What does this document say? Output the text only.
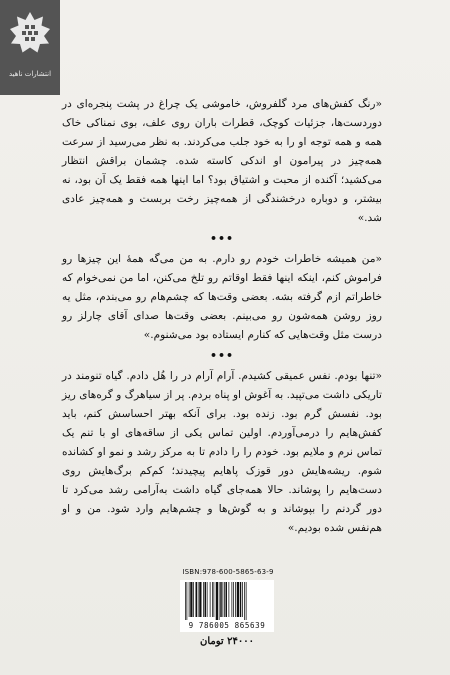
انتشارات ناهید

«رنگ کفش‌های مرد گلفروش، خاموشی یک چراغ در پشت پنجره‌ای در دوردست‌ها، جزئیات کوچک، قطرات باران روی علف، بوی نمناکی خاک همه و همه توجه او را به خود جلب می‌کردند. به نظر می‌رسید از سرعت همه‌چیز در پیرامون او اندکی کاسته شده. چشمان براقش انتظار می‌کشید؛ آکنده از محبت و اشتیاق بود؟ اما اینها همه فقط یک آن بود، نه بیشتر، و دوباره درخشندگی از همه‌چیز رخت بربست و همه‌چیز عادی شد.»

•••

«من همیشه خاطرات خودم رو دارم. به من می‌گه همهٔ این چیزها رو فراموش کنم، اینکه اینها فقط اوقاتم رو تلخ می‌کنن، اما من نمی‌خوام که خاطراتم ازم گرفته بشه. بعضی وقت‌ها که چشم‌هام رو می‌بندم، مثل یه روز روشن همه‌شون رو می‌بینم. بعضی وقت‌ها صدای آقای چارلز رو درست مثل وقت‌هایی که کنارم ایستاده بود می‌شنوم.»

•••

«تنها بودم. نفس عمیقی کشیدم. آرام آرام در را هُل دادم. گیاه تنومند در تاریکی داشت می‌تپید. به آغوش او پناه بردم. پر از سیاهرگ و گره‌های ریز بود. نفسش گرم بود. زنده بود. برای آنکه بهتر احساسش کنم، باید کفش‌هایم را درمی‌آوردم. اولین تماس یکی از ساقه‌های او با تنم یک تماس نرم و ملایم بود. خودم را را دادم تا به مرکز رشد و نمو او کشانده شوم. ریشه‌هایش دور قوزک پاهایم پیچیدند؛ کم‌کم برگ‌هایش روی دست‌هایم را پوشاند. حالا همه‌جای گیاه داشت به‌آرامی رشد می‌کرد تا دور گردنم را بپوشاند و به گوش‌ها و چشم‌هایم وارد شود. من و او هم‌نفس شده بودیم.»

ISBN:978-600-5865-63-9
9 786005 865639
۲۴۰۰۰ تومان
